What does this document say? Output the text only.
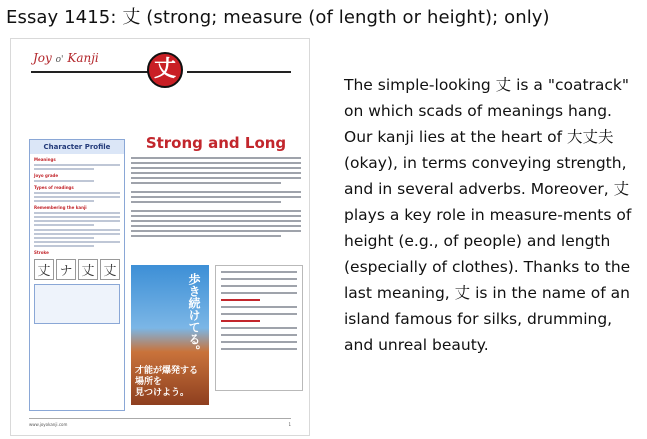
Essay 1415: 丈 (strong; measure (of length or height); only)
Joy o' Kanji	丈
Character Profile
Meanings
Joyo grade
Types of readings
Remembering the kanji
Stroke
丈 ナ 丈 丈
Strong and Long
歩き続けてる。
才能が爆発する
場所を
見つけよう。
www.joyokanji.com	1

The simple-looking 丈 is a "coatrack" on which scads of meanings hang. Our kanji lies at the heart of 大丈夫 (okay), in terms conveying strength, and in several adverbs. Moreover, 丈 plays a key role in measure-ments of height (e.g., of people) and length (especially of clothes). Thanks to the last meaning, 丈 is in the name of an island famous for silks, drumming, and unreal beauty.
